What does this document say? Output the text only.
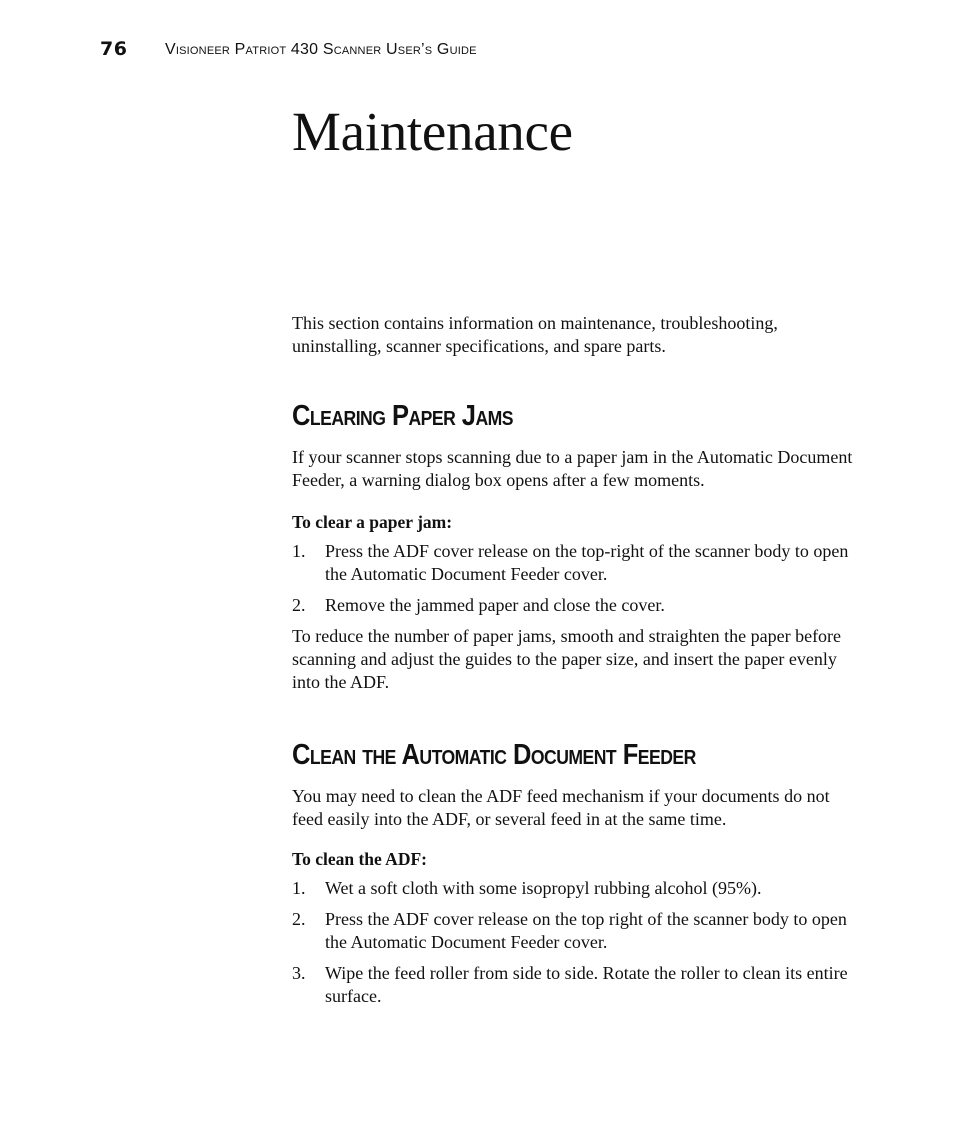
76 Visioneer Patriot 430 Scanner User’s Guide
Maintenance

This section contains information on maintenance, troubleshooting, uninstalling, scanner specifications, and spare parts.

Clearing Paper Jams

If your scanner stops scanning due to a paper jam in the Automatic Document Feeder, a warning dialog box opens after a few moments.

To clear a paper jam:

1. Press the ADF cover release on the top-right of the scanner body to open the Automatic Document Feeder cover.
2. Remove the jammed paper and close the cover.

To reduce the number of paper jams, smooth and straighten the paper before scanning and adjust the guides to the paper size, and insert the paper evenly into the ADF.

Clean the Automatic Document Feeder

You may need to clean the ADF feed mechanism if your documents do not feed easily into the ADF, or several feed in at the same time.

To clean the ADF:

1. Wet a soft cloth with some isopropyl rubbing alcohol (95%).
2. Press the ADF cover release on the top right of the scanner body to open the Automatic Document Feeder cover.
3. Wipe the feed roller from side to side. Rotate the roller to clean its entire surface.
